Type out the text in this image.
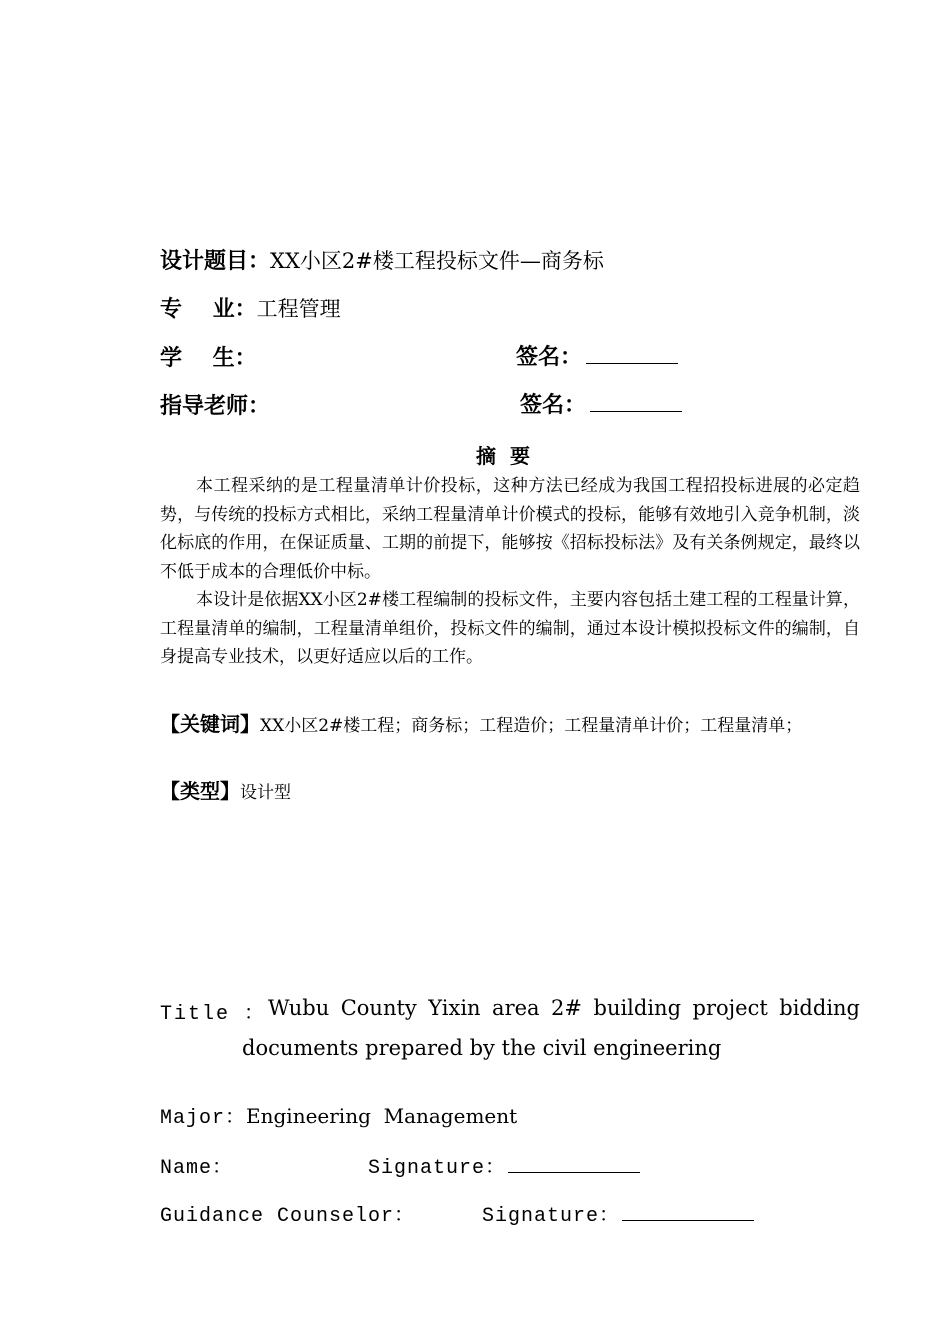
设计题目：XX小区2#楼工程投标文件—商务标
专    业：工程管理
学    生：	签名：
指导老师：	签名：
摘要
本工程采纳的是工程量清单计价投标，这种方法已经成为我国工程招投标进展的必定趋势，与传统的投标方式相比，采纳工程量清单计价模式的投标，能够有效地引入竞争机制，淡化标底的作用，在保证质量、工期的前提下，能够按《招标投标法》及有关条例规定，最终以不低于成本的合理低价中标。
本设计是依据XX小区2#楼工程编制的投标文件，主要内容包括土建工程的工程量计算，工程量清单的编制，工程量清单组价，投标文件的编制，通过本设计模拟投标文件的编制，自身提高专业技术，以更好适应以后的工作。
【关键词】XX小区2#楼工程；商务标；工程造价；工程量清单计价；工程量清单；
【类型】设计型
Title ： Wubu County Yixin area 2# building project bidding
documents prepared by the civil engineering
Major：Engineering  Management
Name：	Signature：
Guidance Counselor：	Signature：
